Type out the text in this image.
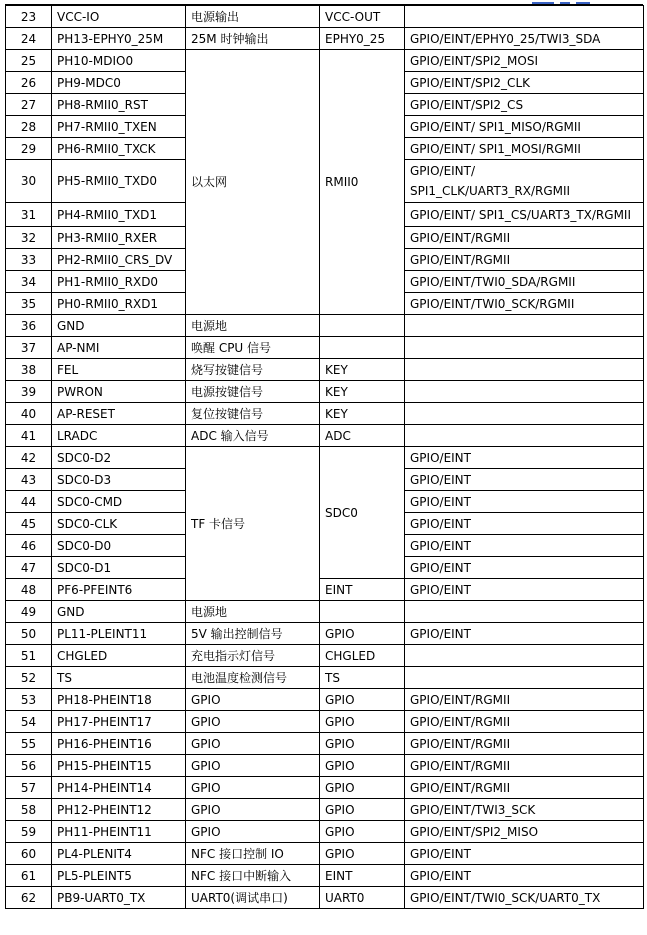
23	VCC-IO	电源输出	VCC-OUT	
24	PH13-EPHY0_25M	25M 时钟输出	EPHY0_25	GPIO/EINT/EPHY0_25/TWI3_SDA
25	PH10-MDIO0	以太网	RMII0	GPIO/EINT/SPI2_MOSI
26	PH9-MDC0			GPIO/EINT/SPI2_CLK
27	PH8-RMII0_RST			GPIO/EINT/SPI2_CS
28	PH7-RMII0_TXEN			GPIO/EINT/ SPI1_MISO/RGMII
29	PH6-RMII0_TXCK			GPIO/EINT/ SPI1_MOSI/RGMII
30	PH5-RMII0_TXD0			GPIO/EINT/ SPI1_CLK/UART3_RX/RGMII
31	PH4-RMII0_TXD1			GPIO/EINT/ SPI1_CS/UART3_TX/RGMII
32	PH3-RMII0_RXER			GPIO/EINT/RGMII
33	PH2-RMII0_CRS_DV			GPIO/EINT/RGMII
34	PH1-RMII0_RXD0			GPIO/EINT/TWI0_SDA/RGMII
35	PH0-RMII0_RXD1			GPIO/EINT/TWI0_SCK/RGMII
36	GND	电源地		
37	AP-NMI	唤醒 CPU 信号		
38	FEL	烧写按键信号	KEY	
39	PWRON	电源按键信号	KEY	
40	AP-RESET	复位按键信号	KEY	
41	LRADC	ADC 输入信号	ADC	
42	SDC0-D2	TF 卡信号	SDC0	GPIO/EINT
43	SDC0-D3			GPIO/EINT
44	SDC0-CMD			GPIO/EINT
45	SDC0-CLK			GPIO/EINT
46	SDC0-D0			GPIO/EINT
47	SDC0-D1			GPIO/EINT
48	PF6-PFEINT6		EINT	GPIO/EINT
49	GND	电源地		
50	PL11-PLEINT11	5V 输出控制信号	GPIO	GPIO/EINT
51	CHGLED	充电指示灯信号	CHGLED	
52	TS	电池温度检测信号	TS	
53	PH18-PHEINT18	GPIO	GPIO	GPIO/EINT/RGMII
54	PH17-PHEINT17	GPIO	GPIO	GPIO/EINT/RGMII
55	PH16-PHEINT16	GPIO	GPIO	GPIO/EINT/RGMII
56	PH15-PHEINT15	GPIO	GPIO	GPIO/EINT/RGMII
57	PH14-PHEINT14	GPIO	GPIO	GPIO/EINT/RGMII
58	PH12-PHEINT12	GPIO	GPIO	GPIO/EINT/TWI3_SCK
59	PH11-PHEINT11	GPIO	GPIO	GPIO/EINT/SPI2_MISO
60	PL4-PLENIT4	NFC 接口控制 IO	GPIO	GPIO/EINT
61	PL5-PLEINT5	NFC 接口中断输入	EINT	GPIO/EINT
62	PB9-UART0_TX	UART0(调试串口)	UART0	GPIO/EINT/TWI0_SCK/UART0_TX
